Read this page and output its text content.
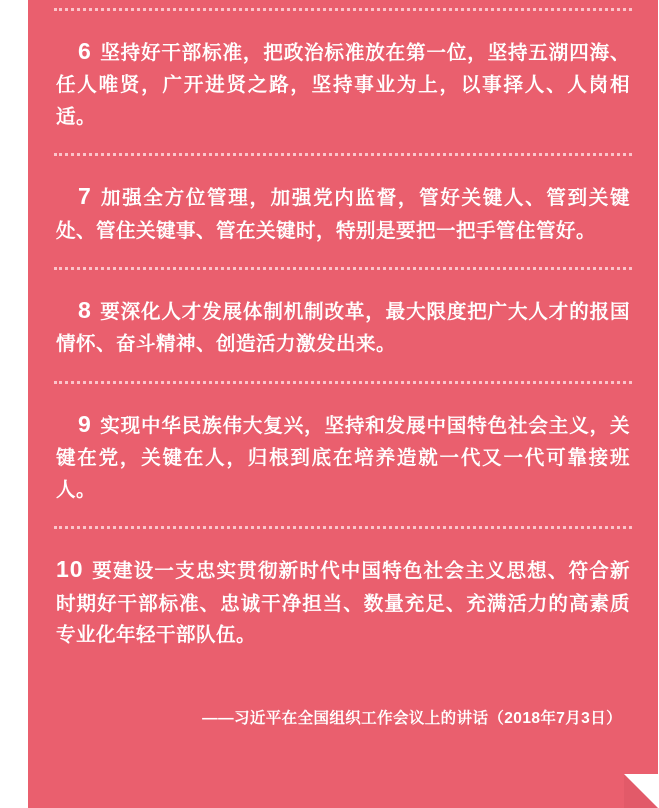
6 坚持好干部标准，把政治标准放在第一位，坚持五湖四海、任人唯贤，广开进贤之路，坚持事业为上，以事择人、人岗相适。

7 加强全方位管理，加强党内监督，管好关键人、管到关键处、管住关键事、管在关键时，特别是要把一把手管住管好。

8 要深化人才发展体制机制改革，最大限度把广大人才的报国情怀、奋斗精神、创造活力激发出来。

9 实现中华民族伟大复兴，坚持和发展中国特色社会主义，关键在党，关键在人，归根到底在培养造就一代又一代可靠接班人。

10 要建设一支忠实贯彻新时代中国特色社会主义思想、符合新时期好干部标准、忠诚干净担当、数量充足、充满活力的高素质专业化年轻干部队伍。

——习近平在全国组织工作会议上的讲话（2018年7月3日）
